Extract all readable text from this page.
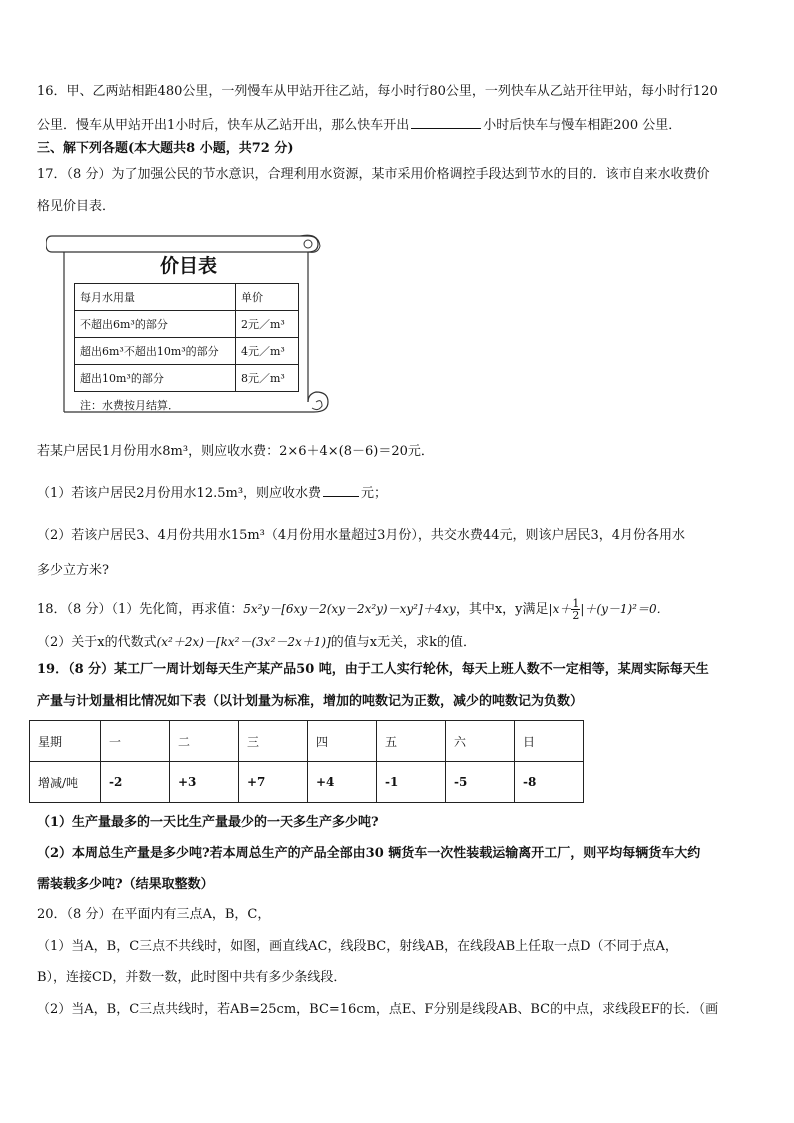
16．甲、乙两站相距480公里，一列慢车从甲站开往乙站，每小时行80公里，一列快车从乙站开往甲站，每小时行120
公里．慢车从甲站开出1小时后，快车从乙站开出，那么快车开出	小时后快车与慢车相距200 公里．
三、解下列各题(本大题共8 小题，共72 分)
17．（8 分）为了加强公民的节水意识，合理利用水资源，某市采用价格调控手段达到节水的目的．该市自来水收费价
格见价目表．
价目表
每月水用量	单价
不超出6m³的部分	2元／m³
超出6m³不超出10m³的部分	4元／m³
超出10m³的部分	8元／m³
注：水费按月结算．
若某户居民1月份用水8m³，则应收水费：2×6＋4×(8－6)＝20元．
（1）若该户居民2月份用水12.5m³，则应收水费	元；
（2）若该户居民3、4月份共用水15m³（4月份用水量超过3月份），共交水费44元，则该户居民3，4月份各用水
多少立方米?
18．（8 分）（1）先化简，再求值：5x²y－[6xy－2(xy－2x²y)－xy²]＋4xy，其中x，y满足$|x+ \frac{1}{2} |+(y-1)^2=0$．
（2）关于x的代数式(x²＋2x)－[kx²－(3x²－2x＋1)]的值与x无关，求k的值．
19．（8 分）某工厂一周计划每天生产某产品50 吨，由于工人实行轮休，每天上班人数不一定相等，某周实际每天生
产量与计划量相比情况如下表（以计划量为标准，增加的吨数记为正数，减少的吨数记为负数）
星期	一	二	三	四	五	六	日
增减/吨	-2	+3	+7	+4	-1	-5	-8
（1）生产量最多的一天比生产量最少的一天多生产多少吨?
（2）本周总生产量是多少吨?若本周总生产的产品全部由30 辆货车一次性装载运输离开工厂，则平均每辆货车大约
需装载多少吨?（结果取整数）
20．（8 分）在平面内有三点A，B，C，
（1）当A，B，C三点不共线时，如图，画直线AC，线段BC，射线AB，在线段AB上任取一点D（不同于点A，
B），连接CD，并数一数，此时图中共有多少条线段．
（2）当A，B，C三点共线时，若AB=25cm，BC=16cm，点E、F分别是线段AB、BC的中点，求线段EF的长．（画
